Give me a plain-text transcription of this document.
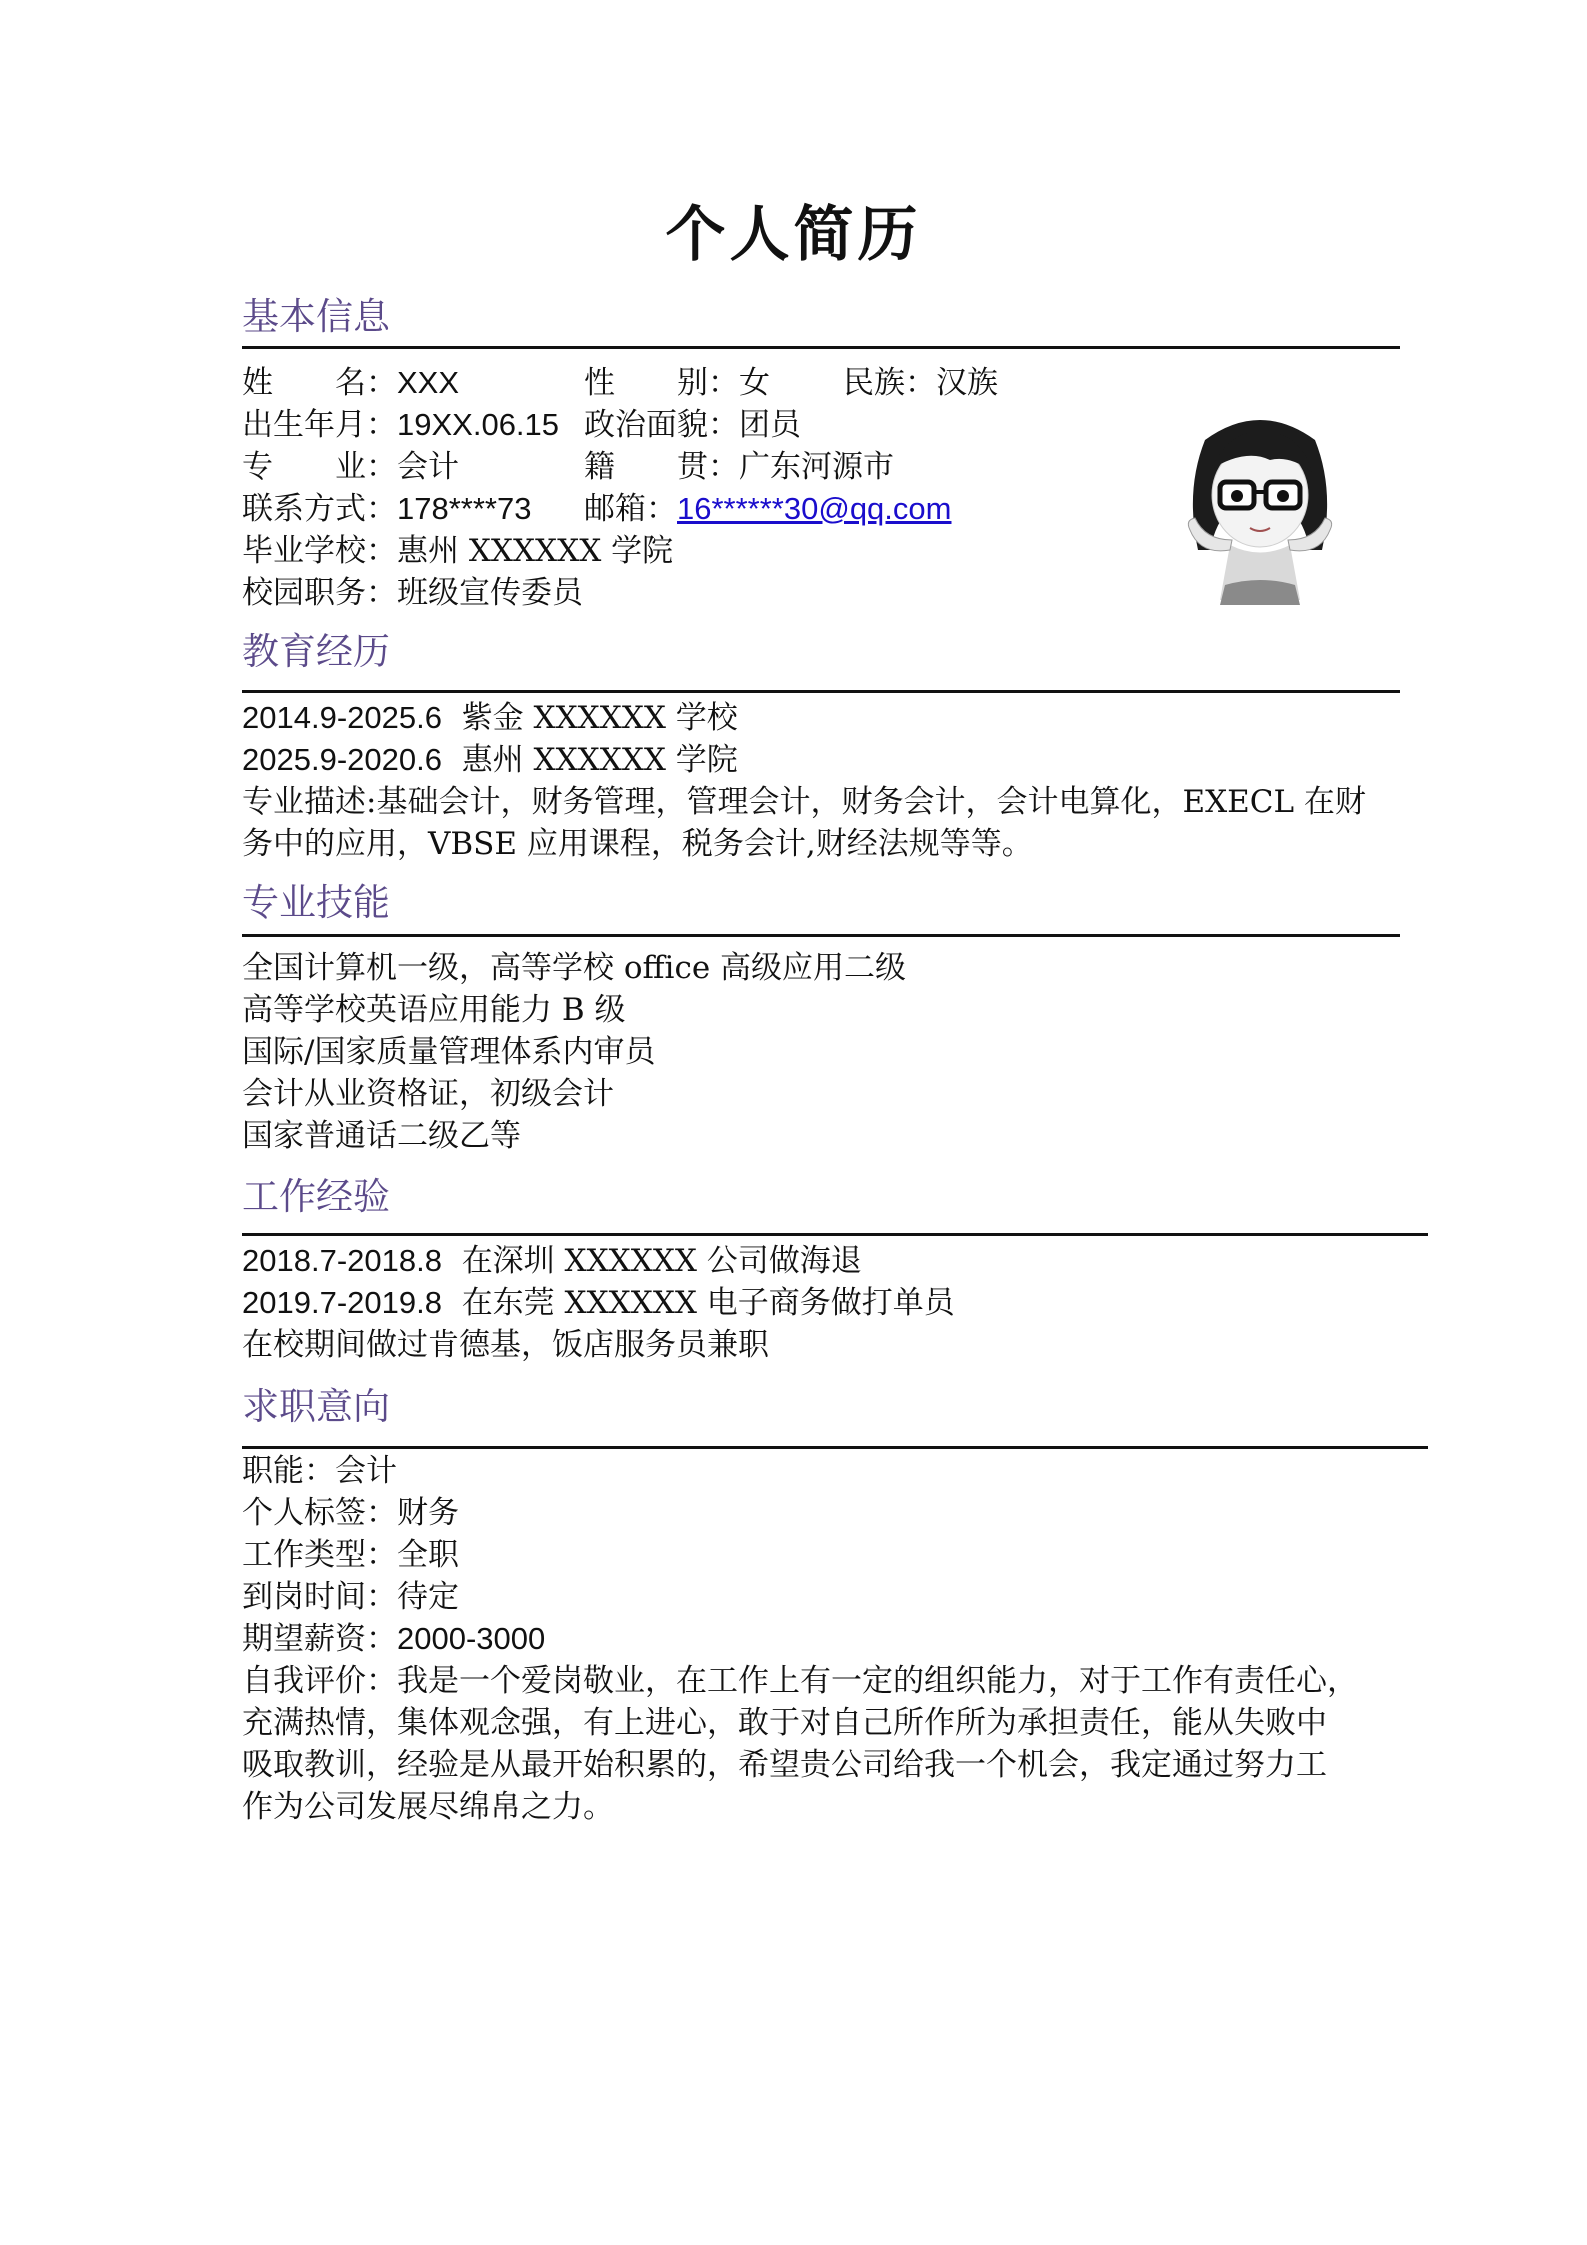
个人简历
基本信息
姓　　名：XXX	性　　别：女 民族：汉族
出生年月：19XX.06.15 政治面貌：团员
专　　业：会计	籍　　贯：广东河源市
联系方式：178****73 邮箱：16******30@qq.com
毕业学校：惠州 XXXXXX 学院
校园职务：班级宣传委员
教育经历
2014.9-2025.6 紫金 XXXXXX 学校
2025.9-2020.6 惠州 XXXXXX 学院
专业描述:基础会计，财务管理，管理会计，财务会计，会计电算化，EXECL 在财
务中的应用，VBSE 应用课程，税务会计,财经法规等等。
专业技能
全国计算机一级，高等学校 office 高级应用二级
高等学校英语应用能力 B 级
国际/国家质量管理体系内审员
会计从业资格证，初级会计
国家普通话二级乙等
工作经验
2018.7-2018.8 在深圳 XXXXXX 公司做海退
2019.7-2019.8 在东莞 XXXXXX 电子商务做打单员
在校期间做过肯德基，饭店服务员兼职
求职意向
职能：会计
个人标签：财务
工作类型：全职
到岗时间：待定
期望薪资：2000-3000
自我评价：我是一个爱岗敬业，在工作上有一定的组织能力，对于工作有责任心，
充满热情，集体观念强，有上进心，敢于对自己所作所为承担责任，能从失败中
吸取教训，经验是从最开始积累的，希望贵公司给我一个机会，我定通过努力工
作为公司发展尽绵帛之力。
